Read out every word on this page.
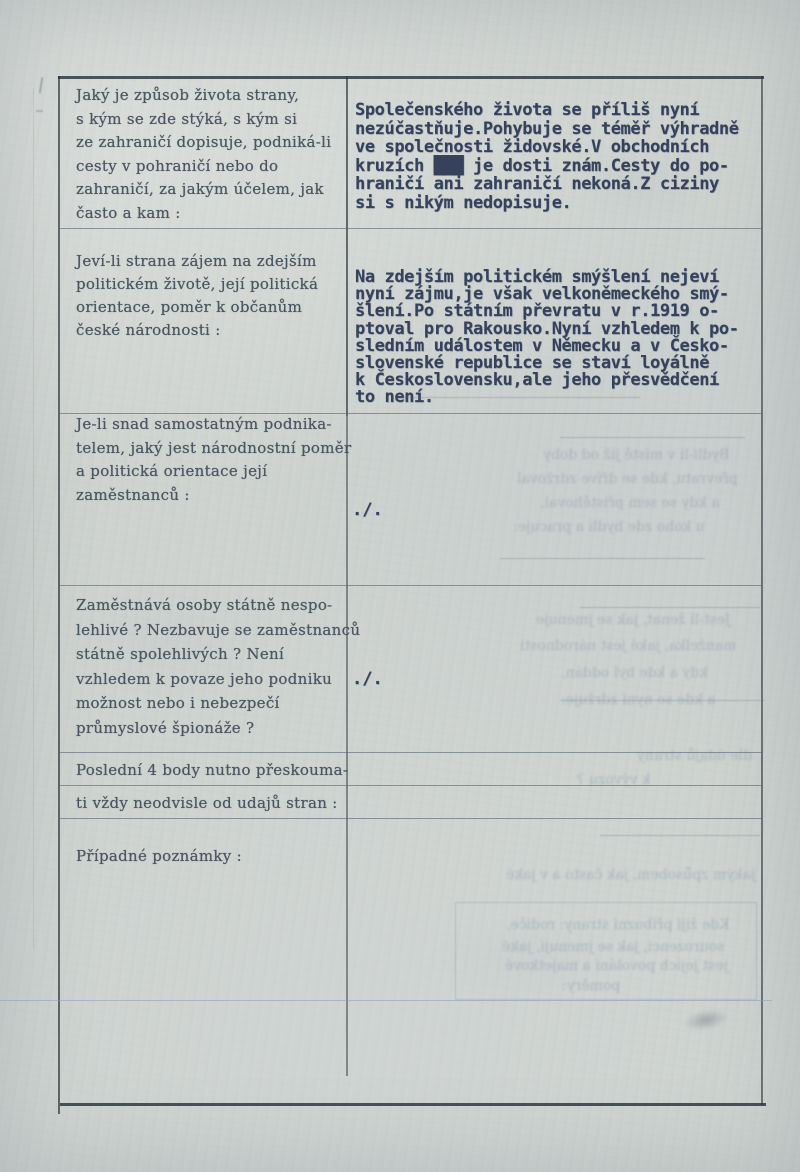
Jaký je způsob života strany,
s kým se zde stýká, s kým si
ze zahraničí dopisuje, podniká-li
cesty v pohraničí nebo do
zahraničí, za jakým účelem, jak
často a kam :
Jeví-li strana zájem na zdejším
politickém životě, její politická
orientace, poměr k občanům
české národnosti :
Je-li snad samostatným podnika-
telem, jaký jest národnostní poměr
a politická orientace její
zaměstnanců :
Zaměstnává osoby státně nespo-
lehlivé ? Nezbavuje se zaměstnanců
státně spolehlivých ? Není
vzhledem k povaze jeho podniku
možnost nebo i nebezpečí
průmyslové špionáže ?
Poslední 4 body nutno přeskouma-
ti vždy neodvisle od udajů stran :
Případné poznámky :
Společenského života se příliš nyní
nezúčastňuje.Pohybuje se téměř výhradně
ve společnosti židovské.V obchodních
kruzích ███ je dosti znám.Cesty do po-
hraničí ani zahraničí nekoná.Z ciziny
si s nikým nedopisuje.
Na zdejším politickém smýšlení nejeví
nyní zájmu,je však velkoněmeckého smý-
šlení.Po státním převratu v r.1919 o-
ptoval pro Rakousko.Nyní vzhledem k po-
sledním událostem v Německu a v Česko-
slovenské republice se staví loyálně
k Československu,ale jeho přesvědčení
to není.
./.
./.
Bydlí-li v místě již od doby
převratu, kde se dříve zdržoval
a kdy se sem přistěhoval,
u koho zde bydlí a pracuje:
Jest-li ženat, jak se jmenuje
manželka, jaké jest národnosti
kdy a kde byl oddán,
a kde se nyní zdržuje:
dle údajů strany
k vývozu ?
jakým způsobem, jak často a v jaké
Kde žijí příbuzní strany: rodiče,
sourozenci, jak se jmenují, jaké
jest jejich povolání a majetkové
poměry:
